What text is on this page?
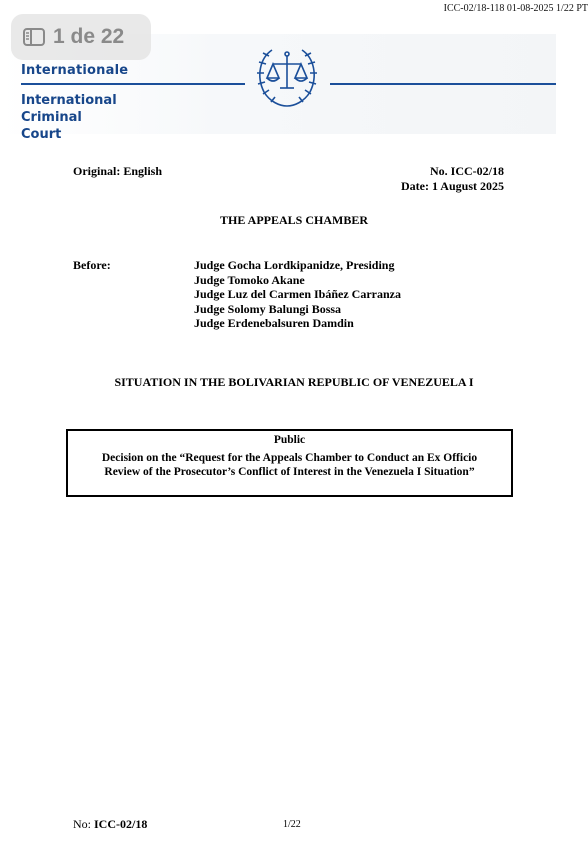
ICC-02/18-118 01-08-2025 1/22 PT
1 de 22
Internationale
International
Criminal
Court
Original: English	No. ICC-02/18
Date: 1 August 2025
THE APPEALS CHAMBER
Before:	Judge Gocha Lordkipanidze, Presiding
Judge Tomoko Akane
Judge Luz del Carmen Ibáñez Carranza
Judge Solomy Balungi Bossa
Judge Erdenebalsuren Damdin
SITUATION IN THE BOLIVARIAN REPUBLIC OF VENEZUELA I
Public
Decision on the “Request for the Appeals Chamber to Conduct an Ex Officio
Review of the Prosecutor’s Conflict of Interest in the Venezuela I Situation”
No: ICC-02/18	1/22
